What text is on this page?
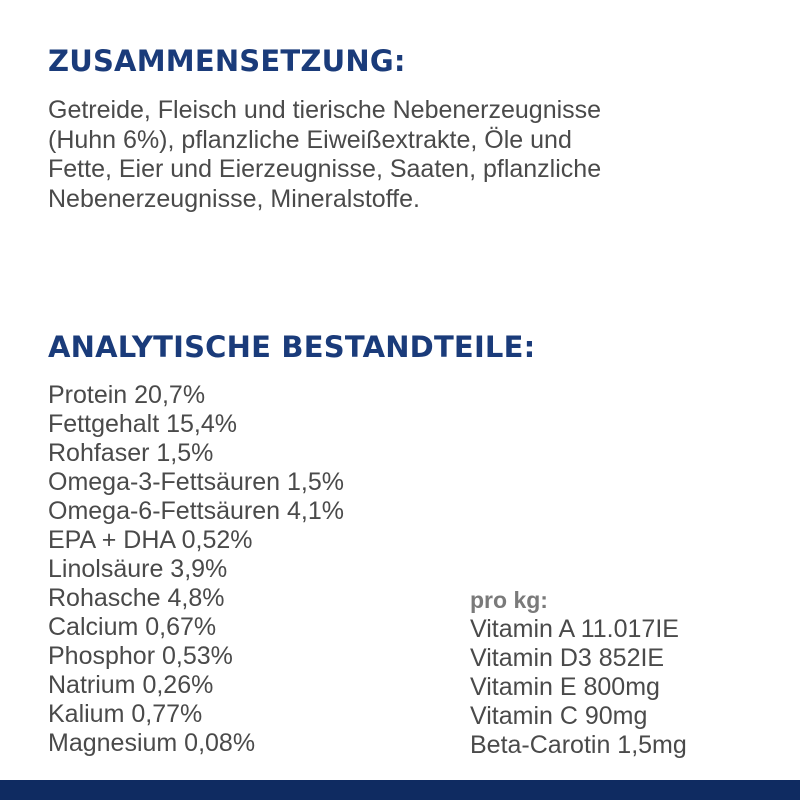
ZUSAMMENSETZUNG:

Getreide, Fleisch und tierische Nebenerzeugnisse

(Huhn 6%), pflanzliche Eiweißextrakte, Öle und

Fette, Eier und Eierzeugnisse, Saaten, pflanzliche

Nebenerzeugnisse, Mineralstoffe.

ANALYTISCHE BESTANDTEILE:
Protein 20,7%
Fettgehalt 15,4%
Rohfaser 1,5%
Omega-3-Fettsäuren 1,5%
Omega-6-Fettsäuren 4,1%
EPA + DHA 0,52%
Linolsäure 3,9%
Rohasche 4,8%
Calcium 0,67%
Phosphor 0,53%
Natrium 0,26%
Kalium 0,77%
Magnesium 0,08%
pro kg:
Vitamin A 11.017IE
Vitamin D3 852IE
Vitamin E 800mg
Vitamin C 90mg
Beta-Carotin 1,5mg
